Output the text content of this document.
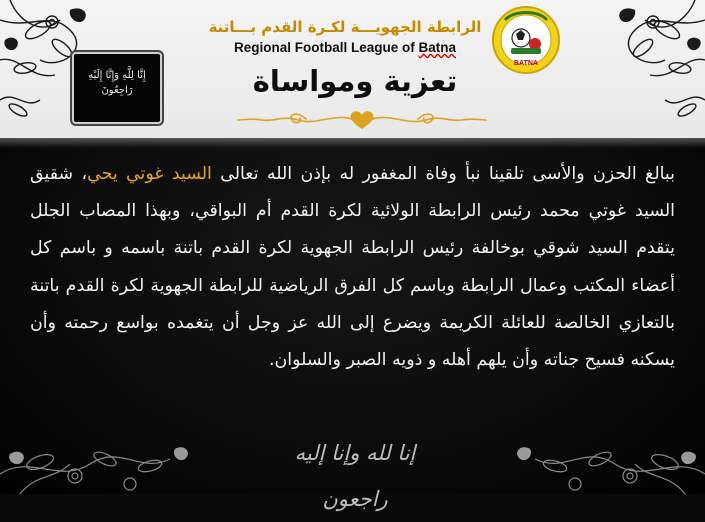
إِنَّا لِلَّهِ وَإِنَّا إِلَيْهِ
رَاجِعُونَ
BATNA
الرابطة الجهويـــة لكـرة القدم بـــاتنة
Regional Football League of Batna
تعزية ومواساة
ببالغ الحزن والأسى تلقينا نبأ وفاة المغفور له بإذن الله تعالى السيد غوتي يحي، شقيق السيد غوتي محمد رئيس الرابطة الولائية لكرة القدم أم البواقي، وبهذا المصاب الجلل يتقدم السيد شوقي بوخالفة رئيس الرابطة الجهوية لكرة القدم باتنة باسمه و باسم كل أعضاء المكتب وعمال الرابطة وباسم كل الفرق الرياضية للرابطة الجهوية لكرة القدم باتنة بالتعازي الخالصة للعائلة الكريمة ويضرع إلى الله عز وجل أن يتغمده بواسع رحمته وأن يسكنه فسيح جناته وأن يلهم أهله و ذويه الصبر والسلوان.
إنا لله وإنا إليه راجعون
